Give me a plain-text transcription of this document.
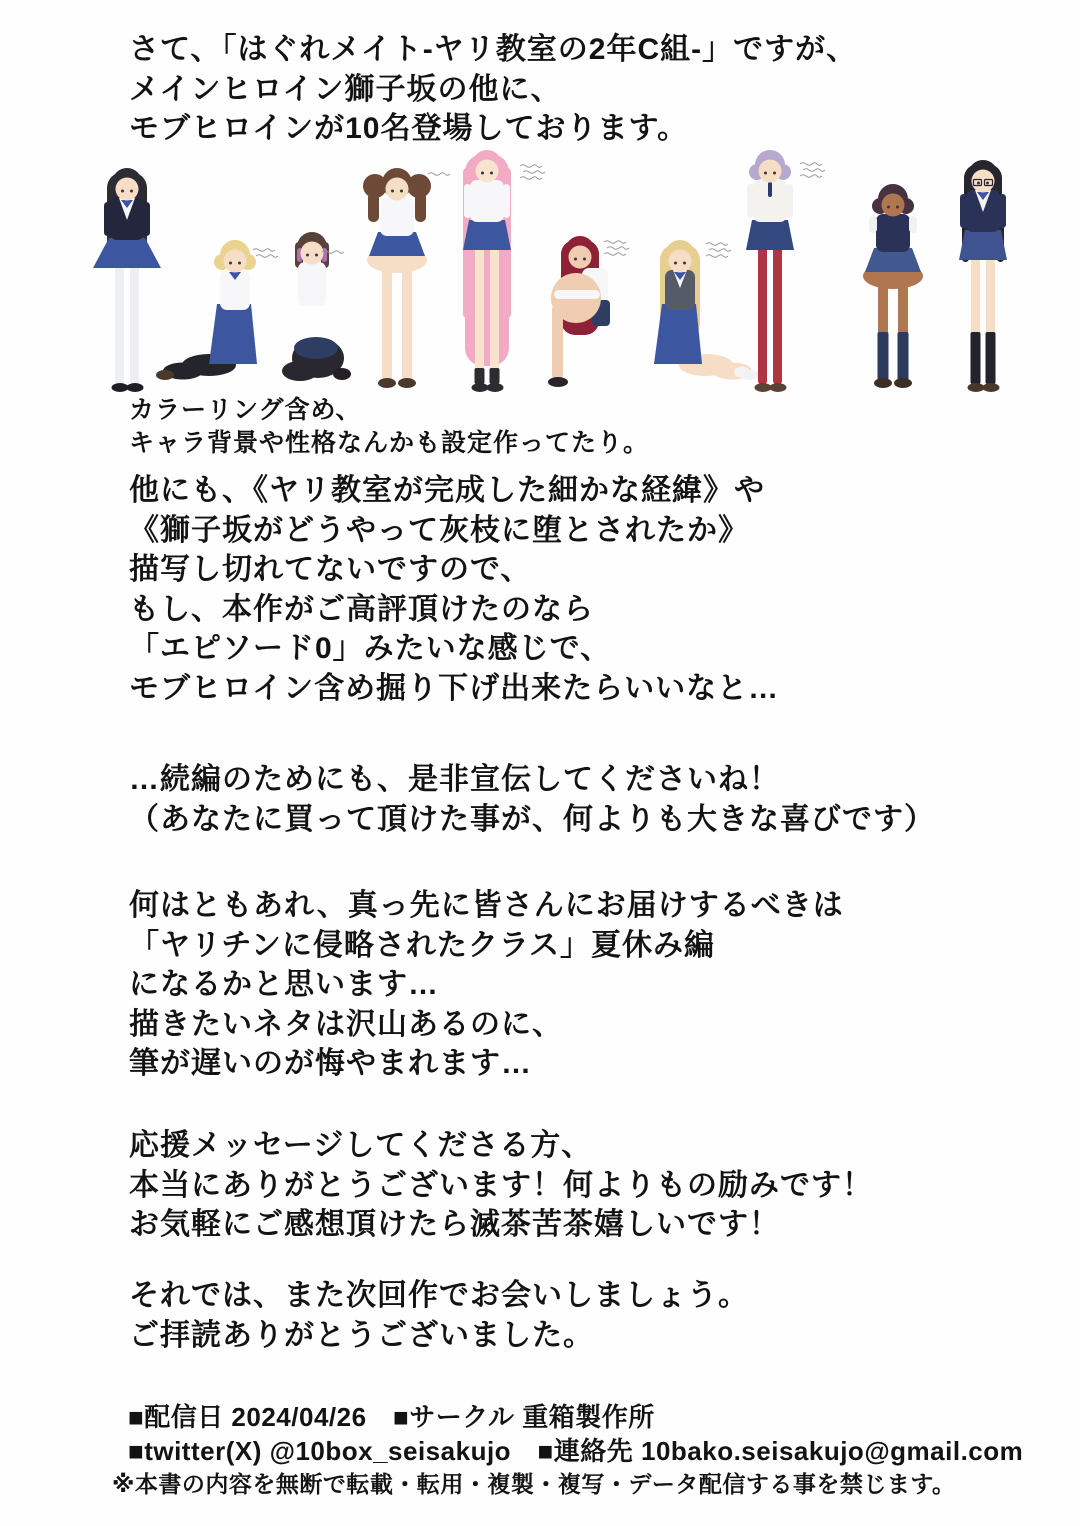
さて、「はぐれメイト-ヤリ教室の2年C組-」ですが、
メインヒロイン獅子坂の他に、
モブヒロインが10名登場しております。
カラーリング含め、
キャラ背景や性格なんかも設定作ってたり。
他にも、《ヤリ教室が完成した細かな経緯》や
《獅子坂がどうやって灰枝に堕とされたか》
描写し切れてないですので、
もし、本作がご高評頂けたのなら
「エピソード0」みたいな感じで、
モブヒロイン含め掘り下げ出来たらいいなと…
…続編のためにも、是非宣伝してくださいね！
（あなたに買って頂けた事が、何よりも大きな喜びです）
何はともあれ、真っ先に皆さんにお届けするべきは
「ヤリチンに侵略されたクラス」夏休み編
になるかと思います…
描きたいネタは沢山あるのに、
筆が遅いのが悔やまれます…
応援メッセージしてくださる方、
本当にありがとうございます！何よりもの励みです！
お気軽にご感想頂けたら滅茶苦茶嬉しいです！
それでは、また次回作でお会いしましょう。
ご拝読ありがとうございました。
■配信日 2024/04/26　■サークル 重箱製作所
■twitter(X) @10box_seisakujo　■連絡先 10bako.seisakujo@gmail.com
※本書の内容を無断で転載・転用・複製・複写・データ配信する事を禁じます。
